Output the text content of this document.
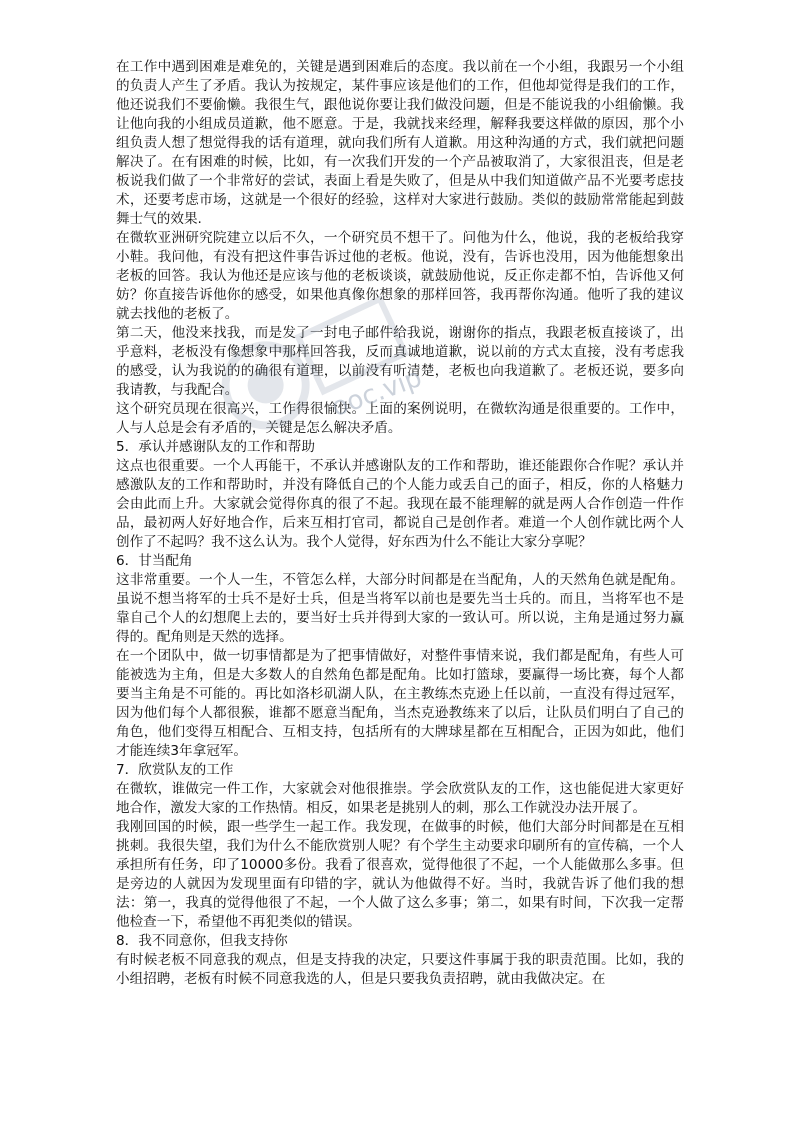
在工作中遇到困难是难免的，关键是遇到困难后的态度。我以前在一个小组，我跟另一个小组的负责人产生了矛盾。我认为按规定，某件事应该是他们的工作，但他却觉得是我们的工作，他还说我们不要偷懒。我很生气，跟他说你要让我们做没问题，但是不能说我的小组偷懒。我让他向我的小组成员道歉，他不愿意。于是，我就找来经理，解释我要这样做的原因，那个小组负责人想了想觉得我的话有道理，就向我们所有人道歉。用这种沟通的方式，我们就把问题解决了。在有困难的时候，比如，有一次我们开发的一个产品被取消了，大家很沮丧，但是老板说我们做了一个非常好的尝试，表面上看是失败了，但是从中我们知道做产品不光要考虑技术，还要考虑市场，这就是一个很好的经验，这样对大家进行鼓励。类似的鼓励常常能起到鼓舞士气的效果.

在微软亚洲研究院建立以后不久，一个研究员不想干了。问他为什么，他说，我的老板给我穿小鞋。我问他，有没有把这件事告诉过他的老板。他说，没有，告诉也没用，因为他能想象出老板的回答。我认为他还是应该与他的老板谈谈，就鼓励他说，反正你走都不怕，告诉他又何妨？你直接告诉他你的感受，如果他真像你想象的那样回答，我再帮你沟通。他听了我的建议就去找他的老板了。

第二天，他没来找我，而是发了一封电子邮件给我说，谢谢你的指点，我跟老板直接谈了，出乎意料，老板没有像想象中那样回答我，反而真诚地道歉，说以前的方式太直接，没有考虑我的感受，认为我说的的确很有道理，以前没有听清楚，老板也向我道歉了。老板还说，要多向我请教，与我配合。

这个研究员现在很高兴，工作得很愉快。上面的案例说明，在微软沟通是很重要的。工作中，人与人总是会有矛盾的，关键是怎么解决矛盾。

5．承认并感谢队友的工作和帮助

这点也很重要。一个人再能干，不承认并感谢队友的工作和帮助，谁还能跟你合作呢？承认并感激队友的工作和帮助时，并没有降低自己的个人能力或丢自己的面子，相反，你的人格魅力会由此而上升。大家就会觉得你真的很了不起。我现在最不能理解的就是两人合作创造一件作品，最初两人好好地合作，后来互相打官司，都说自己是创作者。难道一个人创作就比两个人创作了不起吗？我不这么认为。我个人觉得，好东西为什么不能让大家分享呢？

6．甘当配角

这非常重要。一个人一生，不管怎么样，大部分时间都是在当配角，人的天然角色就是配角。虽说不想当将军的士兵不是好士兵，但是当将军以前也是要先当士兵的。而且，当将军也不是靠自己个人的幻想爬上去的，要当好士兵并得到大家的一致认可。所以说，主角是通过努力赢得的。配角则是天然的选择。

在一个团队中，做一切事情都是为了把事情做好，对整件事情来说，我们都是配角，有些人可能被选为主角，但是大多数人的自然角色都是配角。比如打篮球，要赢得一场比赛，每个人都要当主角是不可能的。再比如洛杉矶湖人队，在主教练杰克逊上任以前，一直没有得过冠军，因为他们每个人都很猴，谁都不愿意当配角，当杰克逊教练来了以后，让队员们明白了自己的角色，他们变得互相配合、互相支持，包括所有的大牌球星都在互相配合，正因为如此，他们才能连续3年拿冠军。

7．欣赏队友的工作

在微软，谁做完一件工作，大家就会对他很推崇。学会欣赏队友的工作，这也能促进大家更好地合作，激发大家的工作热情。相反，如果老是挑别人的刺，那么工作就没办法开展了。

我刚回国的时候，跟一些学生一起工作。我发现，在做事的时候，他们大部分时间都是在互相挑刺。我很失望，我们为什么不能欣赏别人呢？有个学生主动要求印刷所有的宣传稿，一个人承担所有任务，印了10000多份。我看了很喜欢，觉得他很了不起，一个人能做那么多事。但是旁边的人就因为发现里面有印错的字，就认为他做得不好。当时，我就告诉了他们我的想法：第一，我真的觉得他很了不起，一个人做了这么多事；第二，如果有时间，下次我一定帮他检查一下，希望他不再犯类似的错误。

8．我不同意你，但我支持你

有时候老板不同意我的观点，但是支持我的决定，只要这件事属于我的职责范围。比如，我的小组招聘，老板有时候不同意我选的人，但是只要我负责招聘，就由我做决定。在

ooc.vip
